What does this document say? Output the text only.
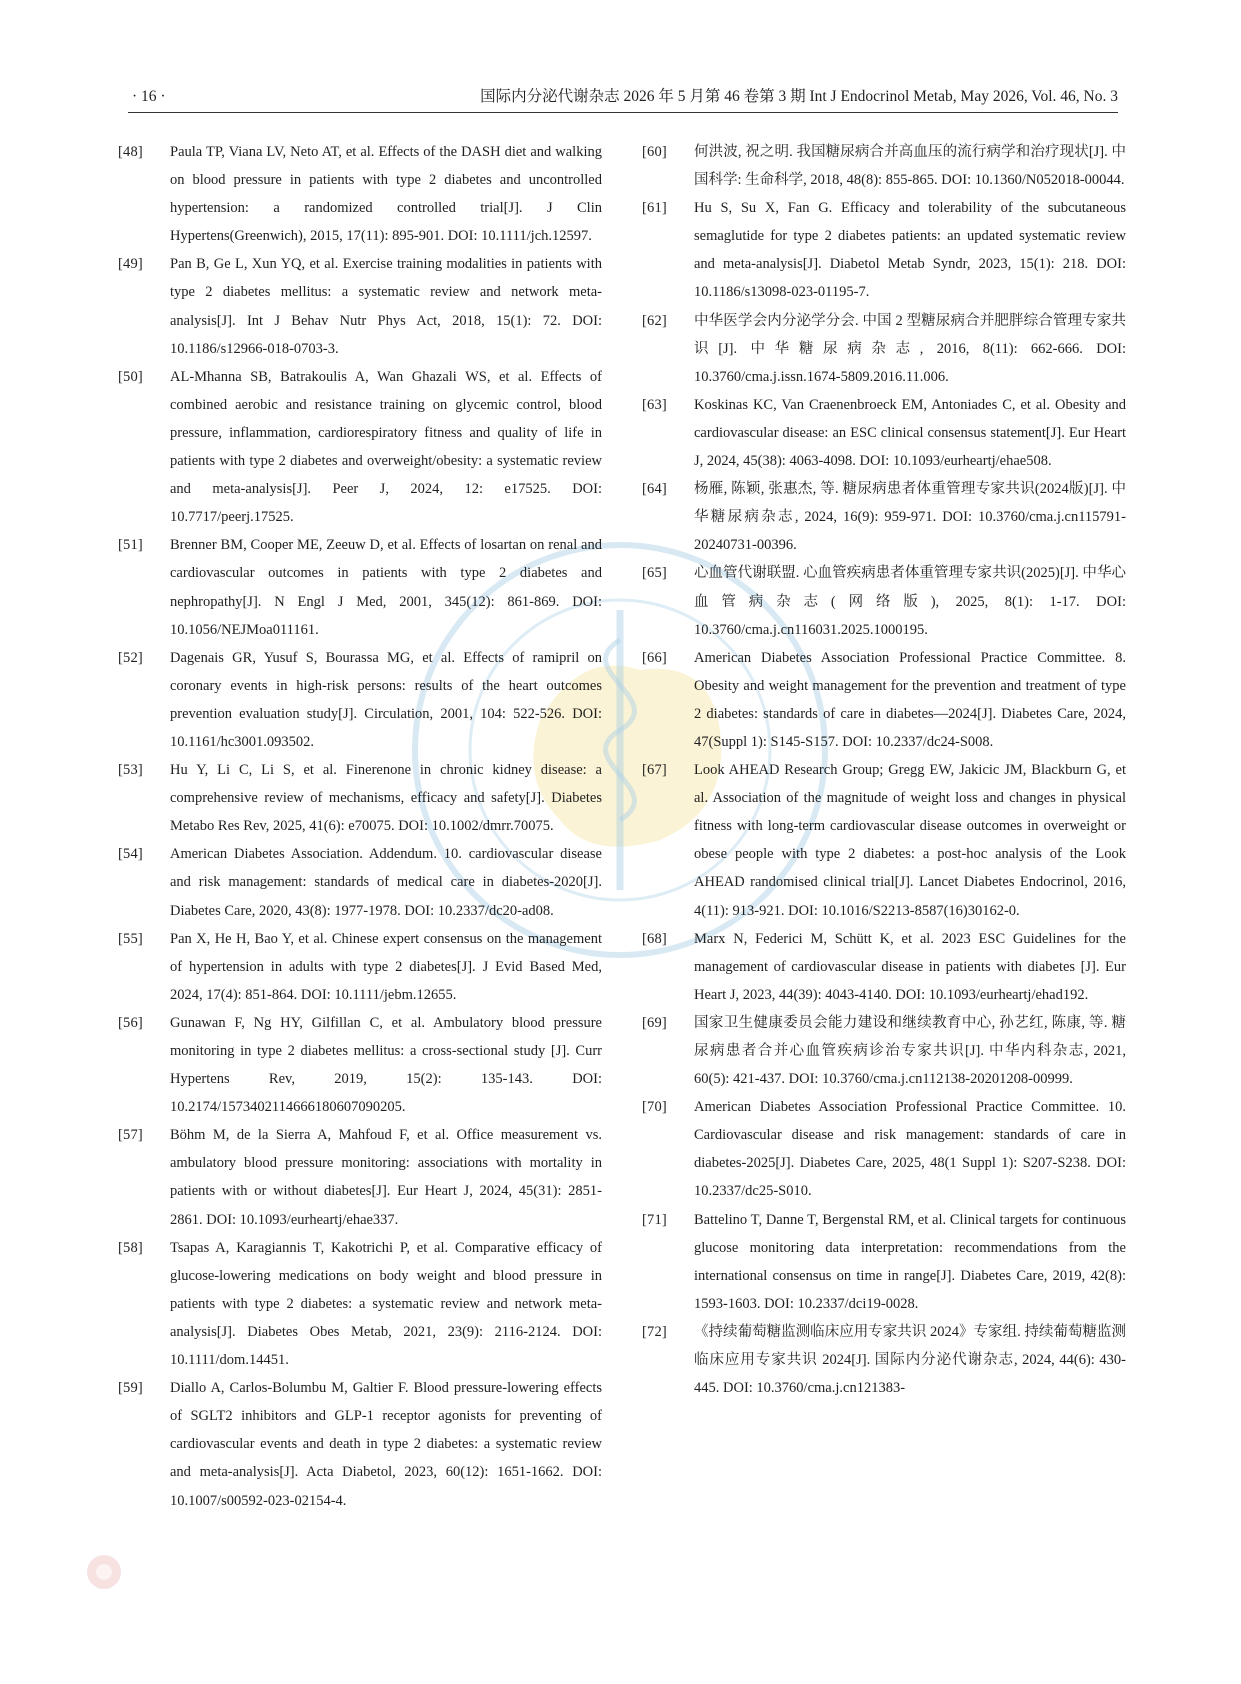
· 16 ·	国际内分泌代谢杂志 2026 年 5 月第 46 卷第 3 期 Int J Endocrinol Metab, May 2026, Vol. 46, No. 3
[48]	Paula TP, Viana LV, Neto AT, et al. Effects of the DASH diet and walking on blood pressure in patients with type 2 diabetes and uncontrolled hypertension: a randomized controlled trial[J]. J Clin Hypertens(Greenwich), 2015, 17(11): 895-901. DOI: 10.1111/jch.12597.
[49]	Pan B, Ge L, Xun YQ, et al. Exercise training modalities in patients with type 2 diabetes mellitus: a systematic review and network meta-analysis[J]. Int J Behav Nutr Phys Act, 2018, 15(1): 72. DOI: 10.1186/s12966-018-0703-3.
[50]	AL-Mhanna SB, Batrakoulis A, Wan Ghazali WS, et al. Effects of combined aerobic and resistance training on glycemic control, blood pressure, inflammation, cardiorespiratory fitness and quality of life in patients with type 2 diabetes and overweight/obesity: a systematic review and meta-analysis[J]. Peer J, 2024, 12: e17525. DOI: 10.7717/peerj.17525.
[51]	Brenner BM, Cooper ME, Zeeuw D, et al. Effects of losartan on renal and cardiovascular outcomes in patients with type 2 diabetes and nephropathy[J]. N Engl J Med, 2001, 345(12): 861-869. DOI: 10.1056/NEJMoa011161.
[52]	Dagenais GR, Yusuf S, Bourassa MG, et al. Effects of ramipril on coronary events in high-risk persons: results of the heart outcomes prevention evaluation study[J]. Circulation, 2001, 104: 522-526. DOI: 10.1161/hc3001.093502.
[53]	Hu Y, Li C, Li S, et al. Finerenone in chronic kidney disease: a comprehensive review of mechanisms, efficacy and safety[J]. Diabetes Metabo Res Rev, 2025, 41(6): e70075. DOI: 10.1002/dmrr.70075.
[54]	American Diabetes Association. Addendum. 10. cardiovascular disease and risk management: standards of medical care in diabetes-2020[J]. Diabetes Care, 2020, 43(8): 1977-1978. DOI: 10.2337/dc20-ad08.
[55]	Pan X, He H, Bao Y, et al. Chinese expert consensus on the management of hypertension in adults with type 2 diabetes[J]. J Evid Based Med, 2024, 17(4): 851-864. DOI: 10.1111/jebm.12655.
[56]	Gunawan F, Ng HY, Gilfillan C, et al. Ambulatory blood pressure monitoring in type 2 diabetes mellitus: a cross-sectional study [J]. Curr Hypertens Rev, 2019, 15(2): 135-143. DOI: 10.2174/1573402114666180607090205.
[57]	Böhm M, de la Sierra A, Mahfoud F, et al. Office measurement vs. ambulatory blood pressure monitoring: associations with mortality in patients with or without diabetes[J]. Eur Heart J, 2024, 45(31): 2851-2861. DOI: 10.1093/eurheartj/ehae337.
[58]	Tsapas A, Karagiannis T, Kakotrichi P, et al. Comparative efficacy of glucose-lowering medications on body weight and blood pressure in patients with type 2 diabetes: a systematic review and network meta-analysis[J]. Diabetes Obes Metab, 2021, 23(9): 2116-2124. DOI: 10.1111/dom.14451.
[59]	Diallo A, Carlos-Bolumbu M, Galtier F. Blood pressure-lowering effects of SGLT2 inhibitors and GLP-1 receptor agonists for preventing of cardiovascular events and death in type 2 diabetes: a systematic review and meta-analysis[J]. Acta Diabetol, 2023, 60(12): 1651-1662. DOI: 10.1007/s00592-023-02154-4.
[60]	何洪波, 祝之明. 我国糖尿病合并高血压的流行病学和治疗现状[J]. 中国科学: 生命科学, 2018, 48(8): 855-865. DOI: 10.1360/N052018-00044.
[61]	Hu S, Su X, Fan G. Efficacy and tolerability of the subcutaneous semaglutide for type 2 diabetes patients: an updated systematic review and meta-analysis[J]. Diabetol Metab Syndr, 2023, 15(1): 218. DOI: 10.1186/s13098-023-01195-7.
[62]	中华医学会内分泌学分会. 中国 2 型糖尿病合并肥胖综合管理专家共识[J]. 中华糖尿病杂志, 2016, 8(11): 662-666. DOI: 10.3760/cma.j.issn.1674-5809.2016.11.006.
[63]	Koskinas KC, Van Craenenbroeck EM, Antoniades C, et al. Obesity and cardiovascular disease: an ESC clinical consensus statement[J]. Eur Heart J, 2024, 45(38): 4063-4098. DOI: 10.1093/eurheartj/ehae508.
[64]	杨雁, 陈颖, 张惠杰, 等. 糖尿病患者体重管理专家共识(2024版)[J]. 中华糖尿病杂志, 2024, 16(9): 959-971. DOI: 10.3760/cma.j.cn115791-20240731-00396.
[65]	心血管代谢联盟. 心血管疾病患者体重管理专家共识(2025)[J]. 中华心血管病杂志(网络版), 2025, 8(1): 1-17. DOI: 10.3760/cma.j.cn116031.2025.1000195.
[66]	American Diabetes Association Professional Practice Committee. 8. Obesity and weight management for the prevention and treatment of type 2 diabetes: standards of care in diabetes—2024[J]. Diabetes Care, 2024, 47(Suppl 1): S145-S157. DOI: 10.2337/dc24-S008.
[67]	Look AHEAD Research Group; Gregg EW, Jakicic JM, Blackburn G, et al. Association of the magnitude of weight loss and changes in physical fitness with long-term cardiovascular disease outcomes in overweight or obese people with type 2 diabetes: a post-hoc analysis of the Look AHEAD randomised clinical trial[J]. Lancet Diabetes Endocrinol, 2016, 4(11): 913-921. DOI: 10.1016/S2213-8587(16)30162-0.
[68]	Marx N, Federici M, Schütt K, et al. 2023 ESC Guidelines for the management of cardiovascular disease in patients with diabetes [J]. Eur Heart J, 2023, 44(39): 4043-4140. DOI: 10.1093/eurheartj/ehad192.
[69]	国家卫生健康委员会能力建设和继续教育中心, 孙艺红, 陈康, 等. 糖尿病患者合并心血管疾病诊治专家共识[J]. 中华内科杂志, 2021, 60(5): 421-437. DOI: 10.3760/cma.j.cn112138-20201208-00999.
[70]	American Diabetes Association Professional Practice Committee. 10. Cardiovascular disease and risk management: standards of care in diabetes-2025[J]. Diabetes Care, 2025, 48(1 Suppl 1): S207-S238. DOI: 10.2337/dc25-S010.
[71]	Battelino T, Danne T, Bergenstal RM, et al. Clinical targets for continuous glucose monitoring data interpretation: recommendations from the international consensus on time in range[J]. Diabetes Care, 2019, 42(8): 1593-1603. DOI: 10.2337/dci19-0028.
[72]	《持续葡萄糖监测临床应用专家共识 2024》专家组. 持续葡萄糖监测临床应用专家共识 2024[J]. 国际内分泌代谢杂志, 2024, 44(6): 430-445. DOI: 10.3760/cma.j.cn121383-
